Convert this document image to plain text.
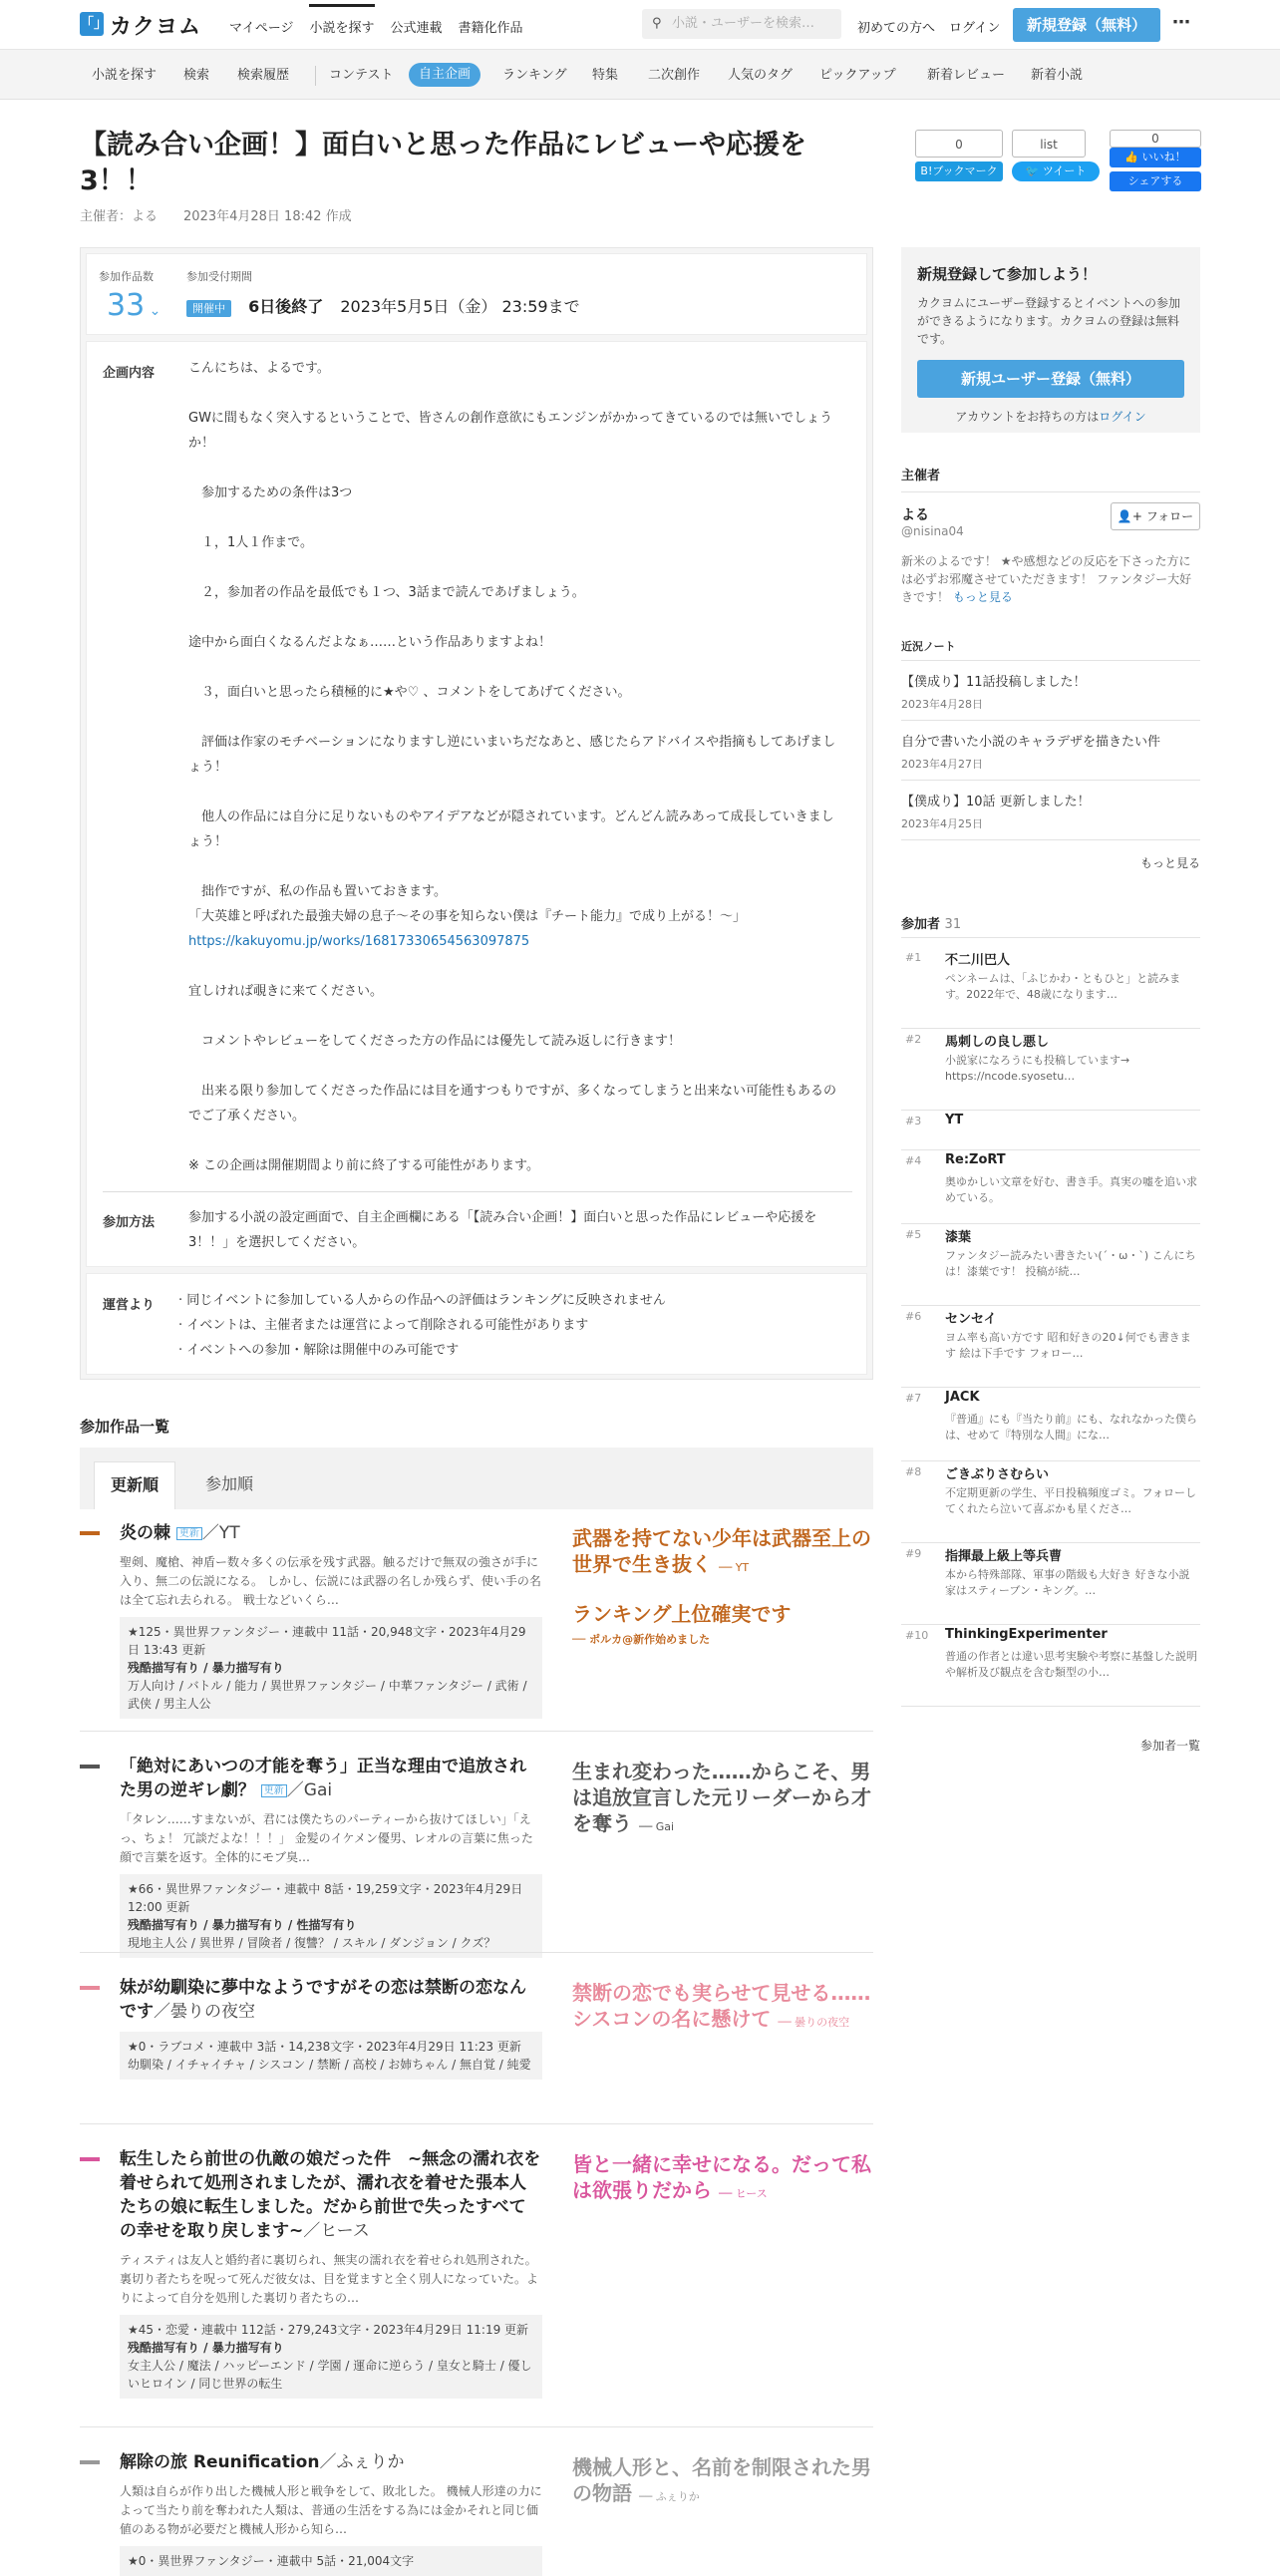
「」 カクヨム マイページ 小説を探す 公式連載 書籍化作品	⚲ 小説・ユーザーを検索…	初めての方へ ログイン	新規登録（無料）	⋯
小説を探す 検索 検索履歴	コンテスト	自主企画	ランキング 特集 二次創作 人気のタグ ピックアップ 新着レビュー 新着小説
【読み合い企画！】面白いと思った作品にレビューや応援を3！！
主催者：よる　　 2023年4月28日 18:42 作成
0
B!ブックマーク
list
🐦 ツイート
0
👍 いいね！
シェアする
参加作品数
33 ⌄
参加受付期間
開催中 6日後終了 2023年5月5日（金） 23:59まで
企画内容	こんにちは、よるです。

GWに間もなく突入するということで、皆さんの創作意欲にもエンジンがかかってきているのでは無いでしょうか！

　参加するための条件は3つ

　１，1人１作まで。

　２，参加者の作品を最低でも１つ、3話まで読んであげましょう。

途中から面白くなるんだよなぁ……という作品ありますよね！

　３，面白いと思ったら積極的に★や♡ 、コメントをしてあげてください。

　評価は作家のモチベーションになりますし逆にいまいちだなあと、感じたらアドバイスや指摘もしてあげましょう！

　他人の作品には自分に足りないものやアイデアなどが隠されています。どんどん読みあって成長していきましょう！

　拙作ですが、私の作品も置いておきます。

「大英雄と呼ばれた最強夫婦の息子～その事を知らない僕は『チート能力』で成り上がる！～」

https://kakuyomu.jp/works/16817330654563097875

宜しければ覗きに来てください。

　コメントやレビューをしてくださった方の作品には優先して読み返しに行きます！

　出来る限り参加してくださった作品には目を通すつもりですが、多くなってしまうと出来ない可能性もあるのでご了承ください。

※ この企画は開催期間より前に終了する可能性があります。

参加方法	参加する小説の設定画面で、自主企画欄にある「【読み合い企画！】面白いと思った作品にレビューや応援を3！！」を選択してください。
運営より · 同じイベントに参加している人からの作品への評価はランキングに反映されません

· イベントは、主催者または運営によって削除される可能性があります

· イベントへの参加・解除は開催中のみ可能です

新規登録して参加しよう！
カクヨムにユーザー登録するとイベントへの参加ができるようになります。カクヨムの登録は無料です。
新規ユーザー登録（無料）
アカウントをお持ちの方はログイン
主催者
よる
@nisina04
👤+ フォロー
新米のよるです！ ★や感想などの反応を下さった方には必ずお邪魔させていただきます！ ファンタジー大好きです！ もっと見る
近況ノート
【僕成り】11話投稿しました！
2023年4月28日
自分で書いた小説のキャラデザを描きたい件
2023年4月27日
【僕成り】10話 更新しました！
2023年4月25日
もっと見る
参加者 31
#1 不二川巴人
ペンネームは、「ふじかわ・ともひと」と読みます。2022年で、48歳になります…
#2 馬刺しの良し悪し
小説家になろうにも投稿しています→ https://ncode.syosetu…
#3 YT
#4 Re:ZoRT
奥ゆかしい文章を好む、書き手。真実の嘘を追い求めている。
#5 漆葉
ファンタジー読みたい書きたい(´・ω・`) こんにちは！漆葉です！ 投稿が続…
#6 センセイ
ヨム率も高い方です 昭和好きの20↓何でも書きます 絵は下手です フォロー…
#7 JACK
『普通』にも『当たり前』にも、なれなかった僕らは、せめて『特別な人間』にな…
#8 ごきぶりさむらい
不定期更新の学生、平日投稿頻度ゴミ。フォローしてくれたら泣いて喜ぶかも星くださ…
#9 指揮最上級上等兵曹
本から特殊部隊、軍事の階級も大好き 好きな小説家はスティーブン・キング。…
#10 ThinkingExperimenter
普通の作者とは違い思考実験や考察に基盤した説明や解析及び観点を含む類型の小…
参加者一覧
参加作品一覧
更新順	参加順
炎の棘 更新 ／YT
聖剣、魔槍、神盾ー数々多くの伝承を残す武器。触るだけで無双の強さが手に入り、無二の伝説になる。 しかし、伝説には武器の名しか残らず、使い手の名は全て忘れ去られる。 戦士などいくら…
★125・異世界ファンタジー・連載中 11話・20,948文字・2023年4月29日 13:43 更新
残酷描写有り / 暴力描写有り
万人向け / バトル / 能力 / 異世界ファンタジー / 中華ファンタジー / 武術 / 武侠 / 男主人公
武器を持てない少年は武器至上の世界で生き抜く ── YT
ランキング上位確実です
── ポルカ@新作始めました
「絶対にあいつの才能を奪う」正当な理由で追放された男の逆ギレ劇？ 更新 ／Gai
「タレン……すまないが、君には僕たちのパーティーから抜けてほしい」「えっ、ちょ！ 冗談だよな！！！」 金髪のイケメン優男、レオルの言葉に焦った顔で言葉を返す。全体的にモブ臭…
★66・異世界ファンタジー・連載中 8話・19,259文字・2023年4月29日 12:00 更新
残酷描写有り / 暴力描写有り / 性描写有り
現地主人公 / 異世界 / 冒険者 / 復讐？ / スキル / ダンジョン / クズ？
生まれ変わった……からこそ、男は追放宣言した元リーダーから才を奪う ── Gai
妹が幼馴染に夢中なようですがその恋は禁断の恋なんです／曇りの夜空
★0・ラブコメ・連載中 3話・14,238文字・2023年4月29日 11:23 更新
幼馴染 / イチャイチャ / シスコン / 禁断 / 高校 / お姉ちゃん / 無自覚 / 純愛
禁断の恋でも実らせて見せる……シスコンの名に懸けて ── 曇りの夜空
転生したら前世の仇敵の娘だった件　~無念の濡れ衣を着せられて処刑されましたが、濡れ衣を着せた張本人たちの娘に転生しました。だから前世で失ったすべての幸せを取り戻します~／ヒース
ティスティは友人と婚約者に裏切られ、無実の濡れ衣を着せられ処刑された。 裏切り者たちを呪って死んだ彼女は、目を覚ますと全く別人になっていた。よりによって自分を処刑した裏切り者たちの…
★45・恋愛・連載中 112話・279,243文字・2023年4月29日 11:19 更新
残酷描写有り / 暴力描写有り
女主人公 / 魔法 / ハッピーエンド / 学園 / 運命に逆らう / 皇女と騎士 / 優しいヒロイン / 同じ世界の転生
皆と一緒に幸せになる。だって私は欲張りだから ── ヒース
解除の旅 Reunification／ふぇりか
人類は自らが作り出した機械人形と戦争をして、敗北した。 機械人形達の力によって当たり前を奪われた人類は、普通の生活をする為には金かそれと同じ価値のある物が必要だと機械人形から知ら…
★0・異世界ファンタジー・連載中 5話・21,004文字
機械人形と、名前を制限された男の物語 ── ふぇりか
